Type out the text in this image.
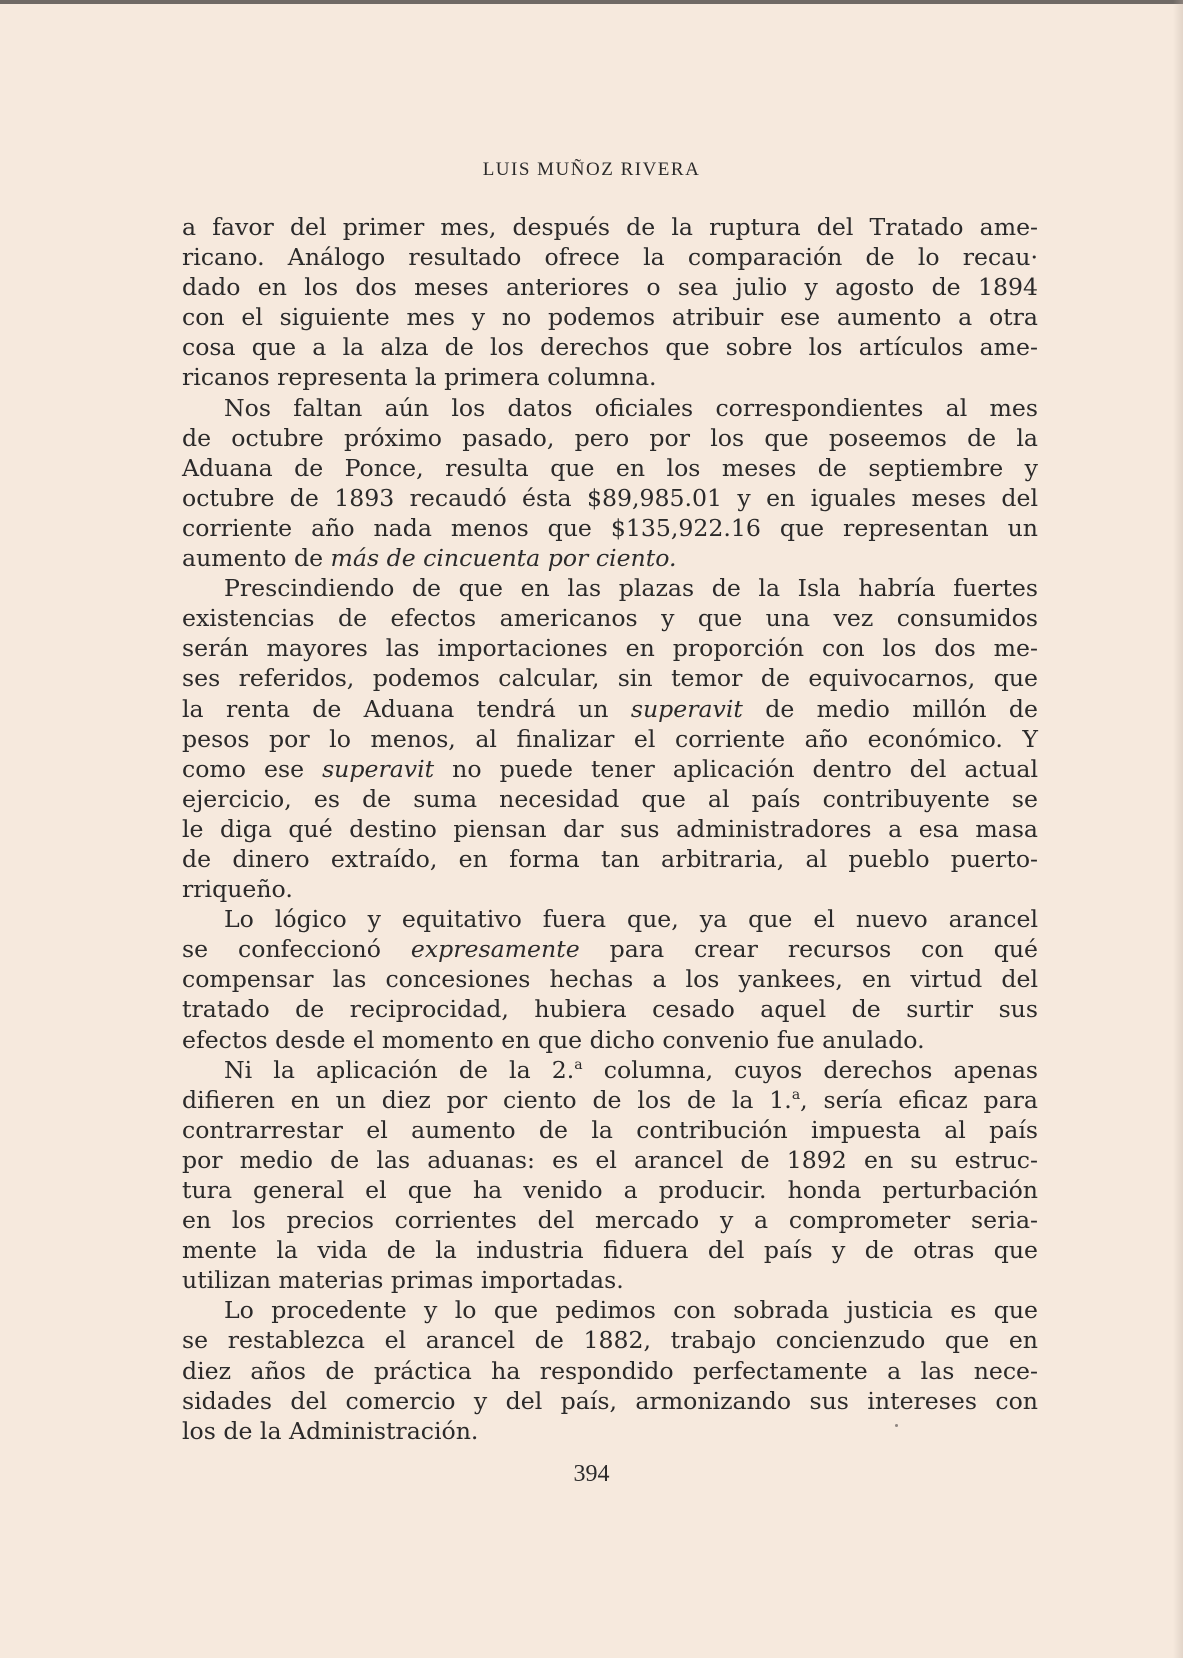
LUIS MUÑOZ RIVERA
a favor del primer mes, después de la ruptura del Tratado ame-
ricano. Análogo resultado ofrece la comparación de lo recau·
dado en los dos meses anteriores o sea julio y agosto de 1894
con el siguiente mes y no podemos atribuir ese aumento a otra
cosa que a la alza de los derechos que sobre los artículos ame-
ricanos representa la primera columna.
Nos faltan aún los datos oficiales correspondientes al mes
de octubre próximo pasado, pero por los que poseemos de la
Aduana de Ponce, resulta que en los meses de septiembre y
octubre de 1893 recaudó ésta $89,985.01 y en iguales meses del
corriente año nada menos que $135,922.16 que representan un
aumento de más de cincuenta por ciento.
Prescindiendo de que en las plazas de la Isla habría fuertes
existencias de efectos americanos y que una vez consumidos
serán mayores las importaciones en proporción con los dos me-
ses referidos, podemos calcular, sin temor de equivocarnos, que
la renta de Aduana tendrá un superavit de medio millón de
pesos por lo menos, al finalizar el corriente año económico. Y
como ese superavit no puede tener aplicación dentro del actual
ejercicio, es de suma necesidad que al país contribuyente se
le diga qué destino piensan dar sus administradores a esa masa
de dinero extraído, en forma tan arbitraria, al pueblo puerto-
rriqueño.
Lo lógico y equitativo fuera que, ya que el nuevo arancel
se confeccionó expresamente para crear recursos con qué
compensar las concesiones hechas a los yankees, en virtud del
tratado de reciprocidad, hubiera cesado aquel de surtir sus
efectos desde el momento en que dicho convenio fue anulado.
Ni la aplicación de la 2.$^a$ columna, cuyos derechos apenas
difieren en un diez por ciento de los de la 1.$^a$, sería eficaz para
contrarrestar el aumento de la contribución impuesta al país
por medio de las aduanas: es el arancel de 1892 en su estruc-
tura general el que ha venido a producir. honda perturbación
en los precios corrientes del mercado y a comprometer seria-
mente la vida de la industria fiduera del país y de otras que
utilizan materias primas importadas.
Lo procedente y lo que pedimos con sobrada justicia es que
se restablezca el arancel de 1882, trabajo concienzudo que en
diez años de práctica ha respondido perfectamente a las nece-
sidades del comercio y del país, armonizando sus intereses con
los de la Administración.
394
